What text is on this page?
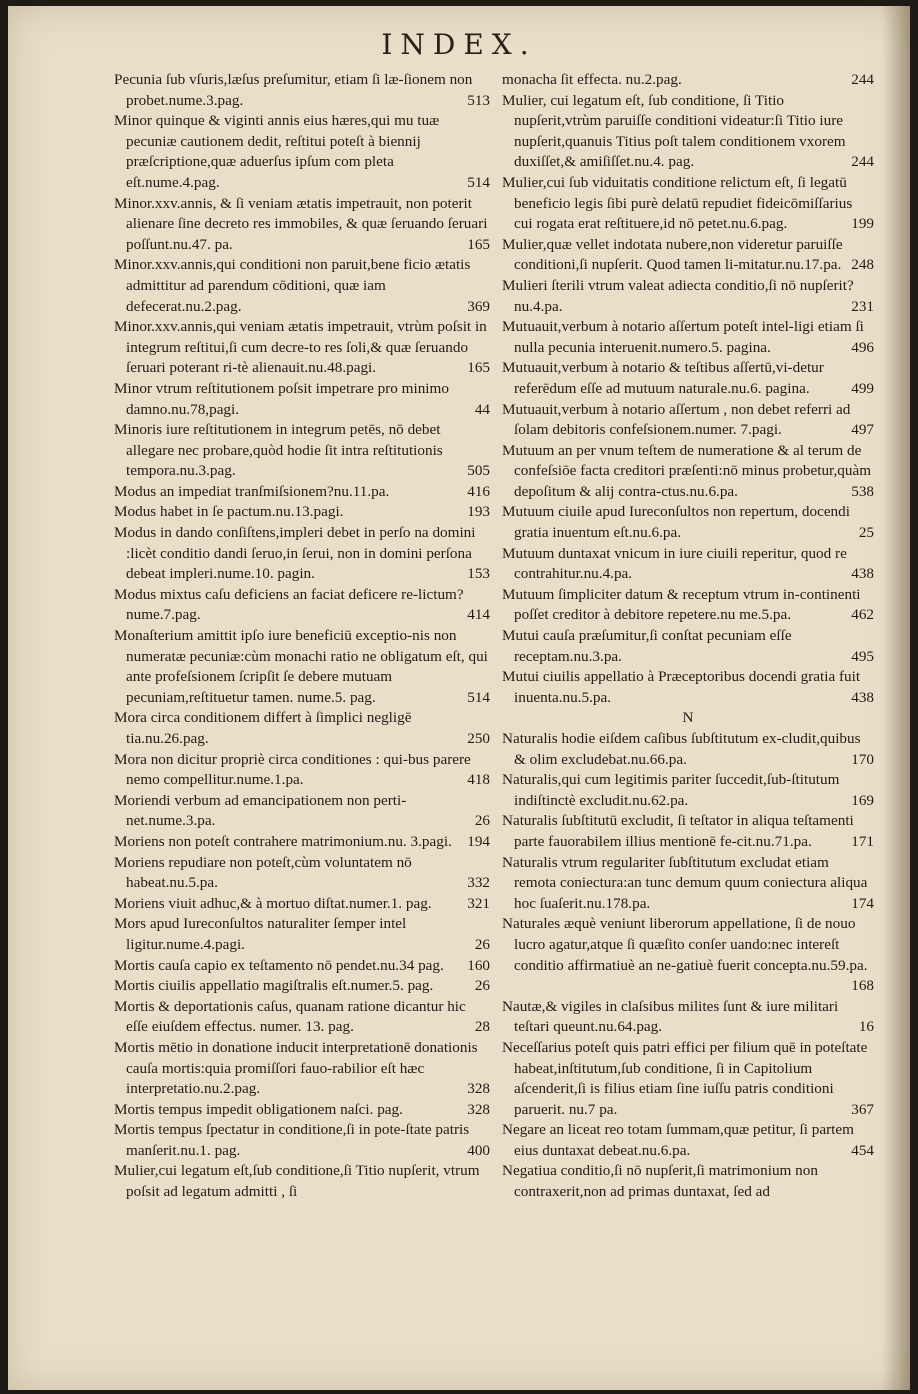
INDEX.

Pecunia ſub vſuris,læſus preſumitur, etiam ſi læ-ſionem non probet.nume.3.pag.	513

Minor quinque & viginti annis eius hæres,qui mu tuæ pecuniæ cautionem dedit, reſtitui poteſt à biennij præſcriptione,quæ aduerſus ipſum com pleta eſt.nume.4.pag.	514

Minor.xxv.annis, & ſi veniam ætatis impetrauit, non poterit alienare ſine decreto res immobiles, & quæ ſeruando ſeruari poſſunt.nu.47. pa.	165

Minor.xxv.annis,qui conditioni non paruit,bene ficio ætatis admittitur ad parendum cōditioni, quæ iam defecerat.nu.2.pag.	369

Minor.xxv.annis,qui veniam ætatis impetrauit, vtrùm poſsit in integrum reſtitui,ſi cum decre-to res ſoli,& quæ ſeruando ſeruari poterant ri-tè alienauit.nu.48.pagi.	165

Minor vtrum reſtitutionem poſsit impetrare pro minimo damno.nu.78,pagi.	44

Minoris iure reſtitutionem in integrum petēs, nō debet allegare nec probare,quòd hodie ſit intra reſtitutionis tempora.nu.3.pag.	505

Modus an impediat tranſmiſsionem?nu.11.pa.	416

Modus habet in ſe pactum.nu.13.pagi.	193

Modus in dando conſiſtens,impleri debet in perſo na domini :licèt conditio dandi ſeruo,in ſerui, non in domini perſona debeat impleri.nume.10. pagin.	153

Modus mixtus caſu deficiens an faciat deficere re-lictum?nume.7.pag.	414

Monaſterium amittit ipſo iure beneficiū exceptio-nis non numeratæ pecuniæ:cùm monachi ratio ne obligatum eſt, qui ante profeſsionem ſcripſit ſe debere mutuam pecuniam,reſtituetur tamen. nume.5. pag.	514

Mora circa conditionem differt à ſimplici negligē tia.nu.26.pag.	250

Mora non dicitur propriè circa conditiones : qui-bus parere nemo compellitur.nume.1.pa.	418

Moriendi verbum ad emancipationem non perti-net.nume.3.pa.	26

Moriens non poteſt contrahere matrimonium.nu. 3.pagi. 194

Moriens repudiare non poteſt,cùm voluntatem nō habeat.nu.5.pa.	332

Moriens viuit adhuc,& à mortuo diſtat.numer.1. pag. 321

Mors apud Iureconſultos naturaliter ſemper intel ligitur.nume.4.pagi.	26

Mortis cauſa capio ex teſtamento nō pendet.nu.34 pag. 160

Mortis ciuilis appellatio magiſtralis eſt.numer.5. pag.	26

Mortis & deportationis caſus, quanam ratione dicantur hic eſſe eiuſdem effectus. numer. 13. pag.	28

Mortis mētio in donatione inducit interpretationē donationis cauſa mortis:quia promiſſori fauo-rabilior eſt hæc interpretatio.nu.2.pag.	328

Mortis tempus impedit obligationem naſci. pag.	328

Mortis tempus ſpectatur in conditione,ſi in pote-ſtate patris manſerit.nu.1. pag.	400

Mulier,cui legatum eſt,ſub conditione,ſi Titio nupſerit, vtrum poſsit ad legatum admitti , ſi

monacha ſit effecta. nu.2.pag.	244

Mulier, cui legatum eſt, ſub conditione, ſi Titio nupſerit,vtrùm paruiſſe conditioni videatur:ſi Titio iure nupſerit,quanuis Titius poſt talem conditionem vxorem duxiſſet,& amiſiſſet.nu.4. pag.	244

Mulier,cui ſub viduitatis conditione relictum eſt, ſi legatū beneficio legis ſibi purè delatū repudiet fideicōmiſſarius cui rogata erat reſtituere,id nō petet.nu.6.pag.	199

Mulier,quæ vellet indotata nubere,non videretur paruiſſe conditioni,ſi nupſerit. Quod tamen li-mitatur.nu.17.pa. 248

Mulieri ſterili vtrum valeat adiecta conditio,ſi nō nupſerit?nu.4.pa.	231

Mutuauit,verbum à notario aſſertum poteſt intel-ligi etiam ſi nulla pecunia interuenit.numero.5. pagina.	496

Mutuauit,verbum à notario & teſtibus aſſertū,vi-detur referēdum eſſe ad mutuum naturale.nu.6. pagina.	499

Mutuauit,verbum à notario aſſertum , non debet referri ad ſolam debitoris confeſsionem.numer. 7.pagi.	497

Mutuum an per vnum teſtem de numeratione & al terum de confeſsiōe facta creditori præſenti:nō minus probetur,quàm depoſitum & alij contra-ctus.nu.6.pa.	538

Mutuum ciuile apud Iureconſultos non repertum, docendi gratia inuentum eſt.nu.6.pa.	25

Mutuum duntaxat vnicum in iure ciuili reperitur, quod re contrahitur.nu.4.pa.	438

Mutuum ſimpliciter datum & receptum vtrum in-continenti poſſet creditor à debitore repetere.nu me.5.pa.	462

Mutui cauſa præſumitur,ſi conſtat pecuniam eſſe receptam.nu.3.pa.	495

Mutui ciuilis appellatio à Præceptoribus docendi gratia fuit inuenta.nu.5.pa.	438

N

Naturalis hodie eiſdem caſibus ſubſtitutum ex-cludit,quibus & olim excludebat.nu.66.pa.	170

Naturalis,qui cum legitimis pariter ſuccedit,ſub-ſtitutum indiſtinctè excludit.nu.62.pa.	169

Naturalis ſubſtitutū excludit, ſi teſtator in aliqua teſtamenti parte fauorabilem illius mentionē fe-cit.nu.71.pa.	171

Naturalis vtrum regulariter ſubſtitutum excludat etiam remota coniectura:an tunc demum quum coniectura aliqua hoc ſuaſerit.nu.178.pa.	174

Naturales æquè veniunt liberorum appellatione, ſi de nouo lucro agatur,atque ſi quæſito conſer uando:nec intereſt conditio affirmatiuè an ne-gatiuè fuerit concepta.nu.59.pa.
168

Nautæ,& vigiles in claſsibus milites ſunt & iure militari teſtari queunt.nu.64.pag.	16

Neceſſarius poteſt quis patri effici per filium quē in poteſtate habeat,inſtitutum,ſub conditione, ſi in Capitolium aſcenderit,ſi is filius etiam ſine iuſſu patris conditioni paruerit. nu.7 pa.	367

Negare an liceat reo totam ſummam,quæ petitur, ſi partem eius duntaxat debeat.nu.6.pa.	454

Negatiua conditio,ſi nō nupſerit,ſi matrimonium non contraxerit,non ad primas duntaxat, ſed ad
